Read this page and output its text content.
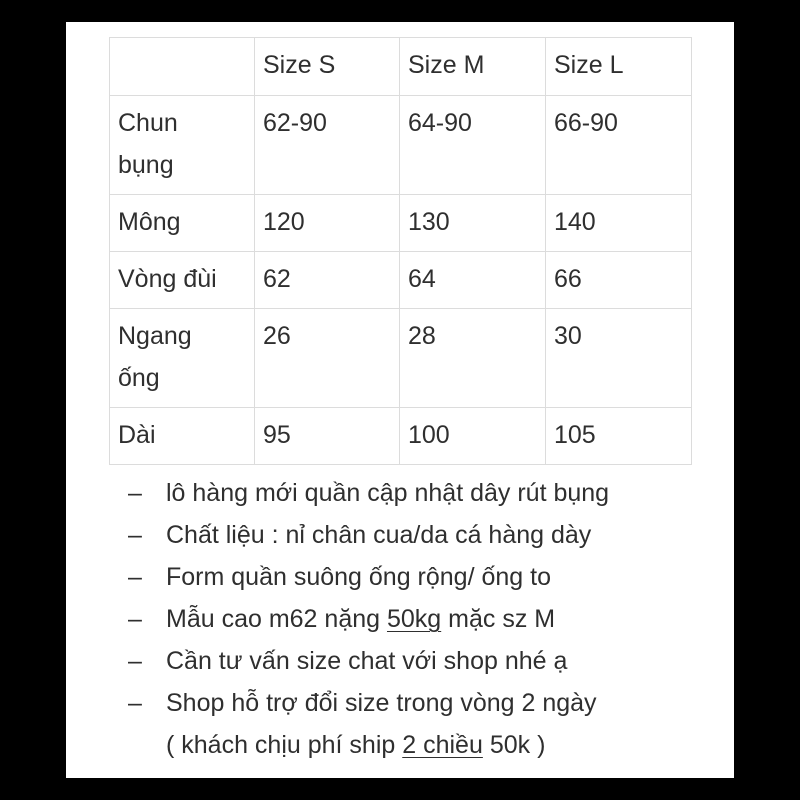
	Size S	Size M	Size L
Chun
bụng	62-90	64-90	66-90
Mông	120	130	140
Vòng đùi	62	64	66
Ngang
ống	26	28	30
Dài	95	100	105
– lô hàng mới quần cập nhật dây rút bụng
– Chất liệu : nỉ chân cua/da cá hàng dày
– Form quần suông ống rộng/ ống to
– Mẫu cao m62 nặng 50kg mặc sz M
– Cần tư vấn size chat với shop nhé ạ
– Shop hỗ trợ đổi size trong vòng 2 ngày
( khách chịu phí ship 2 chiều 50k )
